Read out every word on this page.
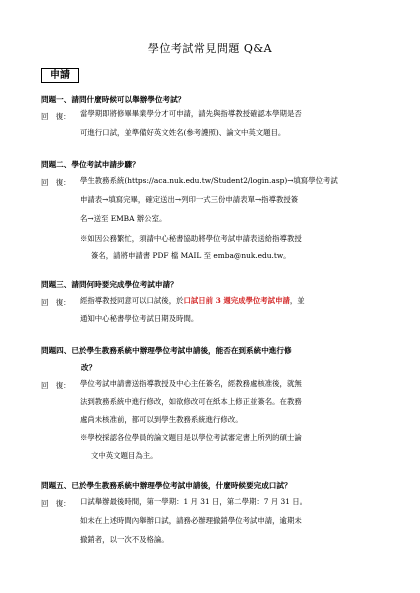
學位考試常見問題 Q&A
申請
問題一、請問什麼時候可以舉辦學位考試？
回　復： 當學期即將修畢畢業學分才可申請，請先與指導教授確認本學期是否
可進行口試，並準備好英文姓名(參考護照)、論文中英文題目。
問題二、學位考試申請步驟？
回　復： 學生教務系統(https://aca.nuk.edu.tw/Student2/login.asp)→填寫學位考試
申請表→填寫完畢，確定送出→列印一式三份申請表單→指導教授簽
名→送至 EMBA 辦公室。
※如因公務繁忙，須請中心秘書協助將學位考試申請表送給指導教授
簽名，請將申請書 PDF 檔 MAIL 至 emba@nuk.edu.tw。
問題三、請問何時要完成學位考試申請？
回　復： 經指導教授同意可以口試後，於口試日前 3 週完成學位考試申請，並
通知中心秘書學位考試日期及時間。
問題四、已於學生教務系統中辦理學位考試申請後，能否在到系統中進行修
改？
回　復： 學位考試申請書送指導教授及中心主任簽名，經教務處核准後，就無
法到教務系統中進行修改，如欲修改可在紙本上修正並簽名。在教務
處尚未核准前，都可以到學生教務系統進行修改。
※學校採認各位學員的論文題目是以學位考試審定書上所列的碩士論
文中英文題目為主。
問題五、已於學生教務系統中辦理學位考試申請後，什麼時候要完成口試？
回　復： 口試舉辦最後時間，第一學期：1 月 31 日，第二學期：7 月 31 日。
如未在上述時間內舉辦口試，請務必辦理撤銷學位考試申請，逾期未
撤銷者，以一次不及格論。
